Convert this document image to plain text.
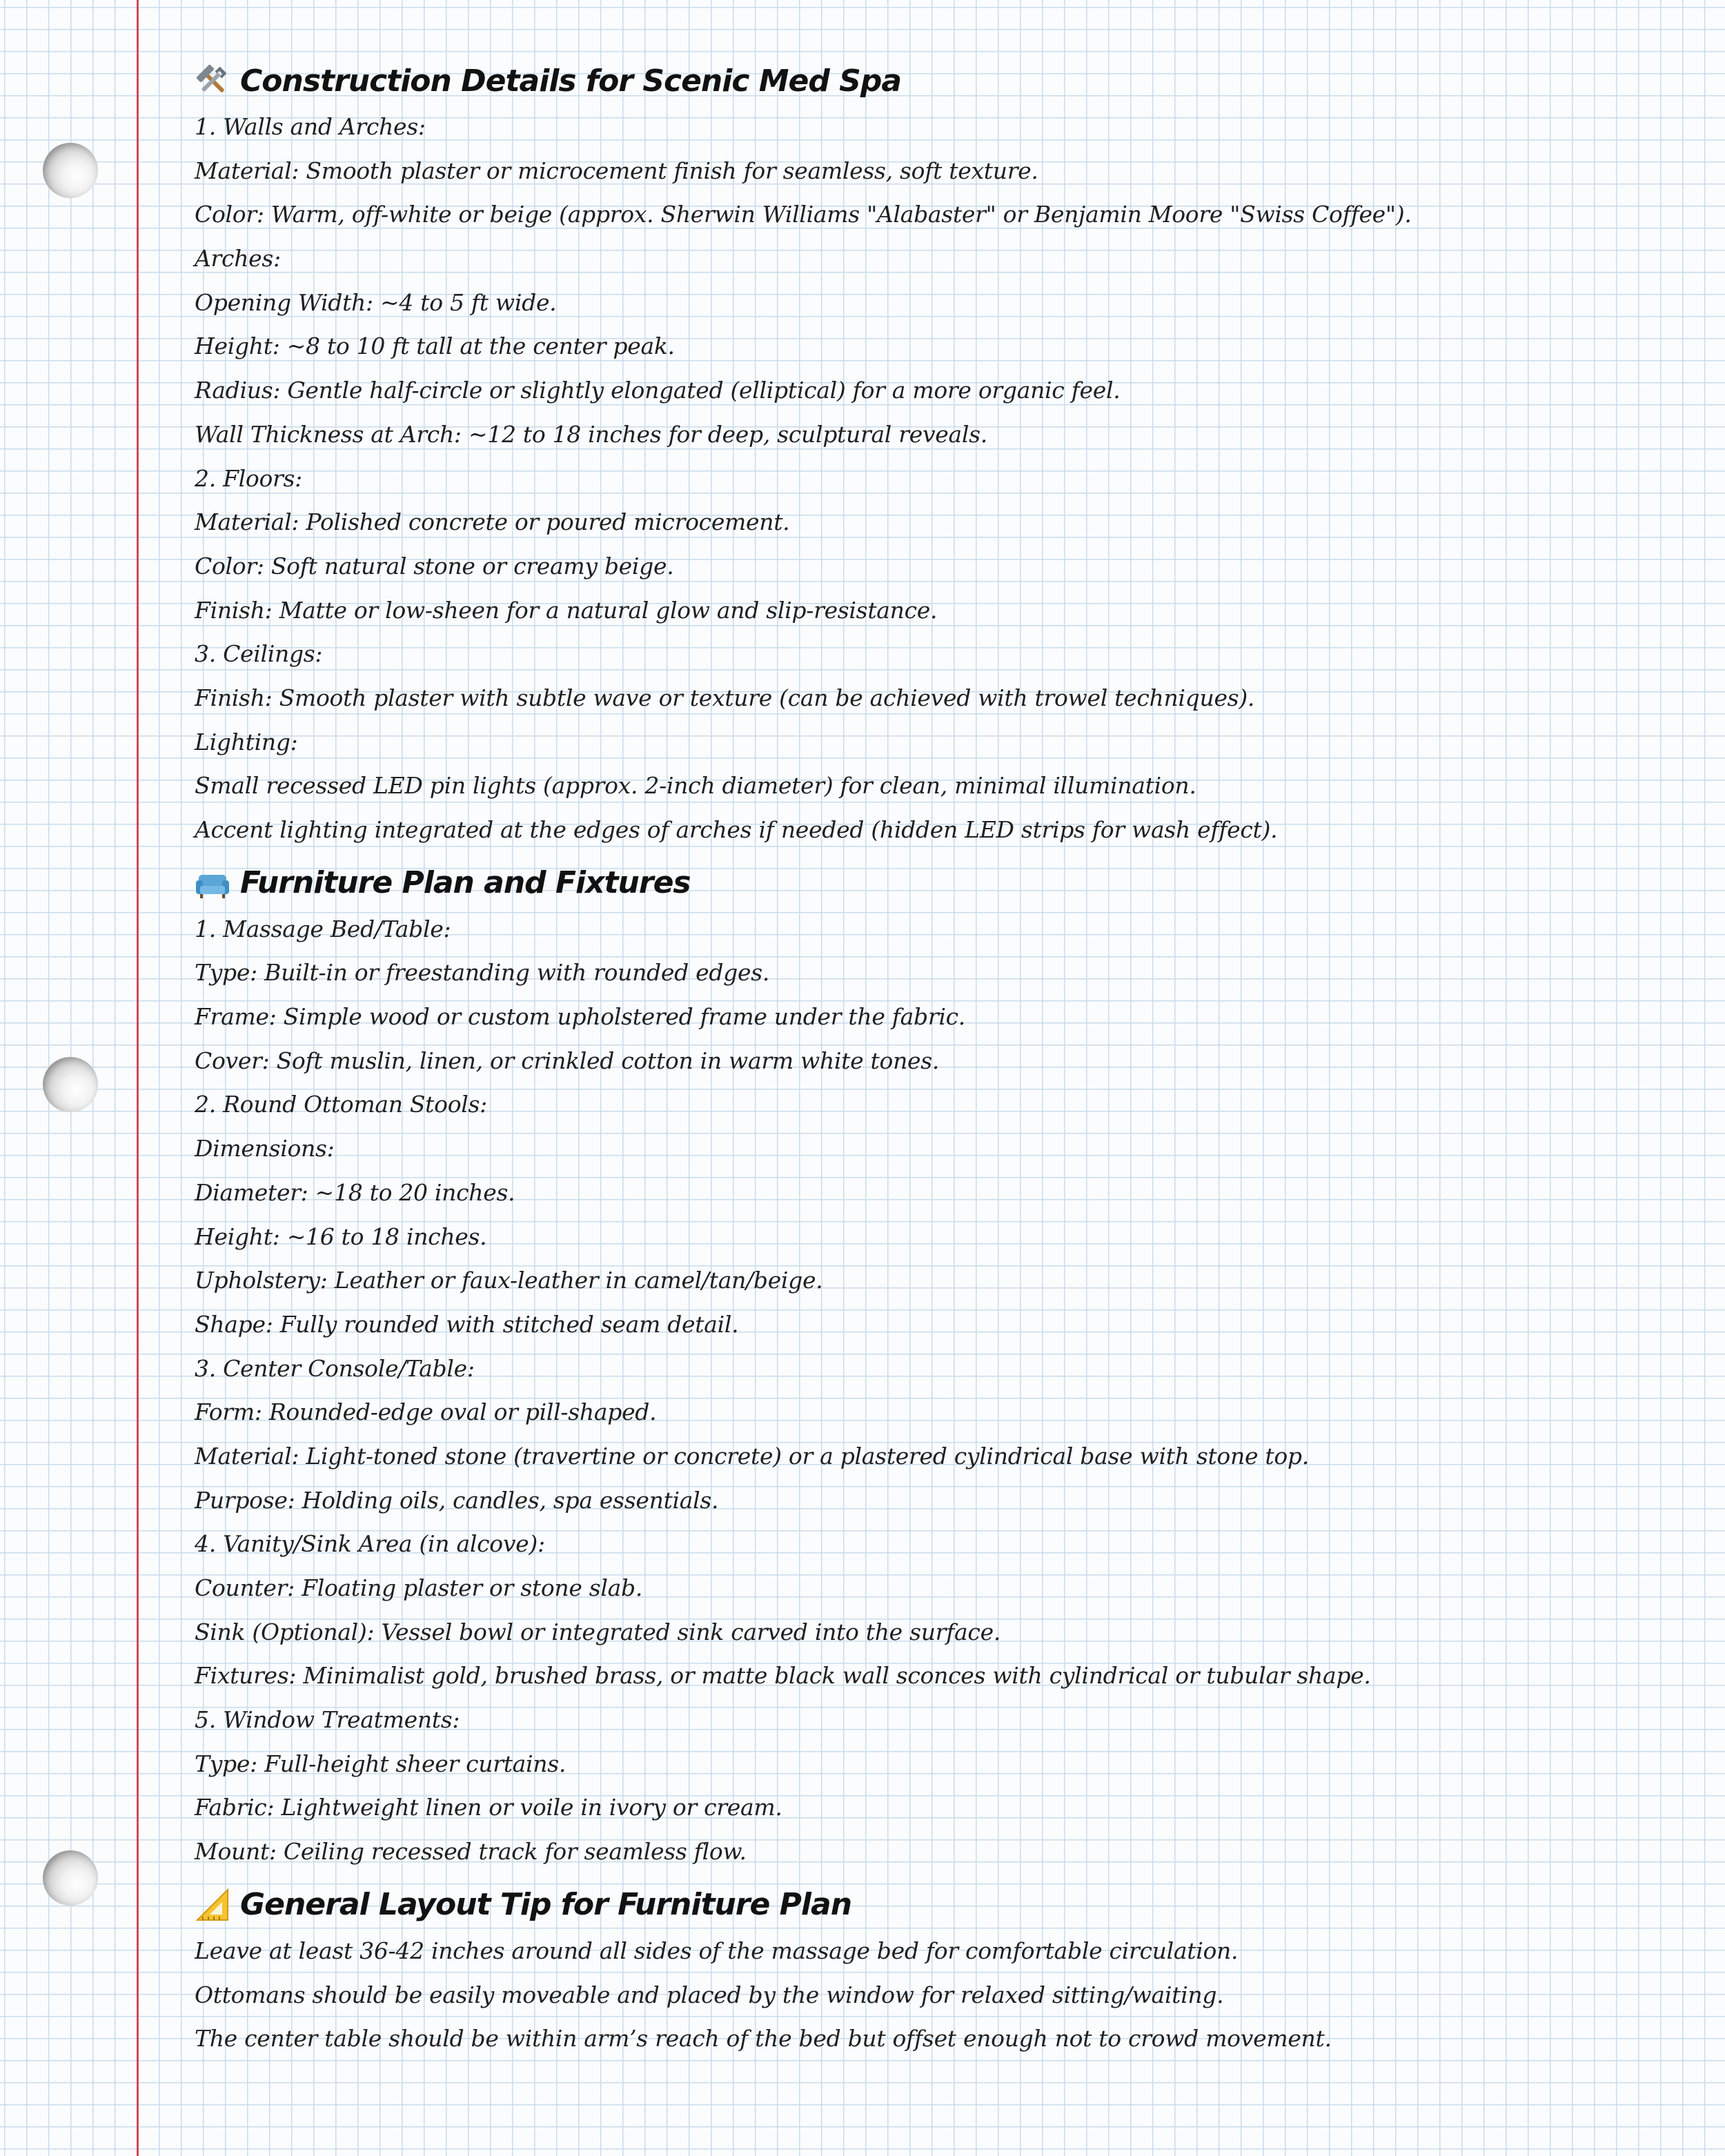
Construction Details for Scenic Med Spa
1. Walls and Arches:
Material: Smooth plaster or microcement finish for seamless, soft texture.
Color: Warm, off-white or beige (approx. Sherwin Williams "Alabaster" or Benjamin Moore "Swiss Coffee").
Arches:
Opening Width: ~4 to 5 ft wide.
Height: ~8 to 10 ft tall at the center peak.
Radius: Gentle half-circle or slightly elongated (elliptical) for a more organic feel.
Wall Thickness at Arch: ~12 to 18 inches for deep, sculptural reveals.
2. Floors:
Material: Polished concrete or poured microcement.
Color: Soft natural stone or creamy beige.
Finish: Matte or low-sheen for a natural glow and slip-resistance.
3. Ceilings:
Finish: Smooth plaster with subtle wave or texture (can be achieved with trowel techniques).
Lighting:
Small recessed LED pin lights (approx. 2-inch diameter) for clean, minimal illumination.
Accent lighting integrated at the edges of arches if needed (hidden LED strips for wash effect).
Furniture Plan and Fixtures
1. Massage Bed/Table:
Type: Built-in or freestanding with rounded edges.
Frame: Simple wood or custom upholstered frame under the fabric.
Cover: Soft muslin, linen, or crinkled cotton in warm white tones.
2. Round Ottoman Stools:
Dimensions:
Diameter: ~18 to 20 inches.
Height: ~16 to 18 inches.
Upholstery: Leather or faux-leather in camel/tan/beige.
Shape: Fully rounded with stitched seam detail.
3. Center Console/Table:
Form: Rounded-edge oval or pill-shaped.
Material: Light-toned stone (travertine or concrete) or a plastered cylindrical base with stone top.
Purpose: Holding oils, candles, spa essentials.
4. Vanity/Sink Area (in alcove):
Counter: Floating plaster or stone slab.
Sink (Optional): Vessel bowl or integrated sink carved into the surface.
Fixtures: Minimalist gold, brushed brass, or matte black wall sconces with cylindrical or tubular shape.
5. Window Treatments:
Type: Full-height sheer curtains.
Fabric: Lightweight linen or voile in ivory or cream.
Mount: Ceiling recessed track for seamless flow.
General Layout Tip for Furniture Plan
Leave at least 36-42 inches around all sides of the massage bed for comfortable circulation.
Ottomans should be easily moveable and placed by the window for relaxed sitting/waiting.
The center table should be within arm’s reach of the bed but offset enough not to crowd movement.
